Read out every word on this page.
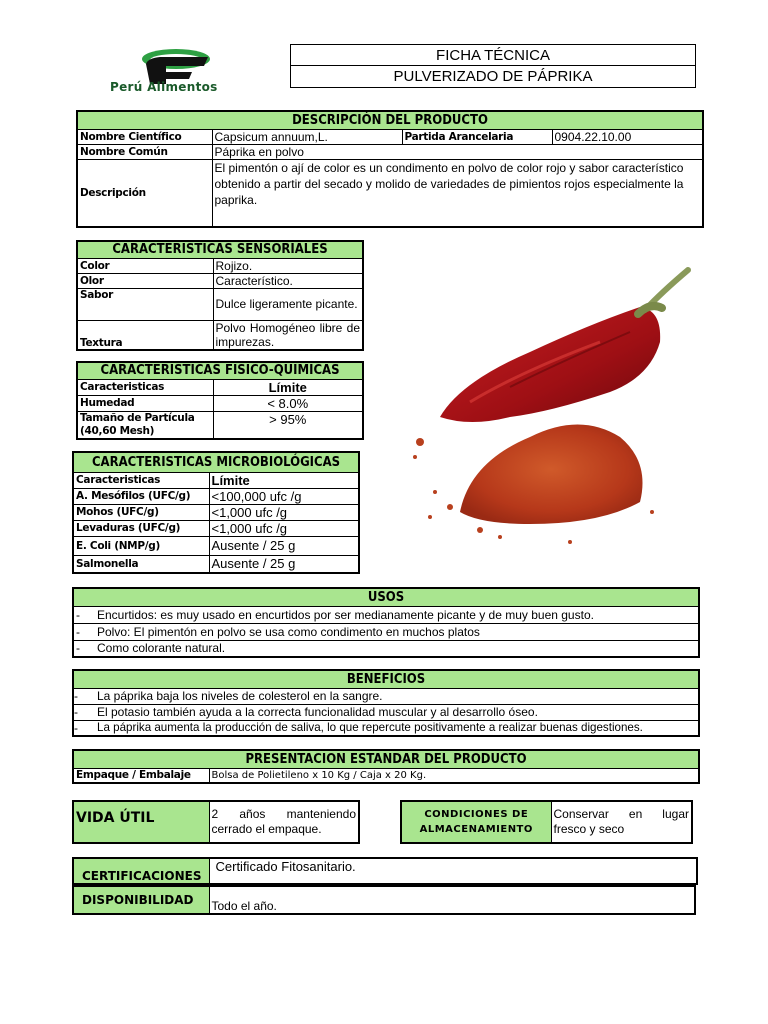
Perú Alimentos
FICHA TÉCNICA
PULVERIZADO DE PÁPRIKA
DESCRIPCIÓN DEL PRODUCTO			
Nombre Científico	Capsicum annuum,L.	Partida Arancelaria	0904.22.10.00
Nombre Común	Páprika en polvo		
Descripción	El pimentón o ají de color es un condimento en polvo de color rojo y sabor característico obtenido a partir del secado y molido de variedades de pimientos rojos especialmente la paprika.		
CARACTERISTICAS SENSORIALES	
Color	Rojizo.
Olor	Característico.
Sabor	Dulce ligeramente picante.
Textura	Polvo Homogéneo libre de impurezas.
CARACTERISTICAS FISICO-QUIMICAS	
Caracteristicas	Límite
Humedad	< 8.0%
Tamaño de Partícula (40,60 Mesh)	> 95%
CARACTERISTICAS MICROBIOLÓGICAS	
Caracteristicas	Límite
A. Mesófilos (UFC/g)	<100,000 ufc /g
Mohos (UFC/g)	<1,000 ufc /g
Levaduras (UFC/g)	<1,000 ufc /g
E. Coli (NMP/g)	Ausente / 25 g
Salmonella	Ausente / 25 g
USOS	
-	Encurtidos: es muy usado en encurtidos por ser medianamente picante y de muy buen gusto.
-	Polvo: El pimentón en polvo se usa como condimento en muchos platos
-	Como colorante natural.
BENEFICIOS	
-	La páprika baja los niveles de colesterol en la sangre.
-	El potasio también ayuda a la correcta funcionalidad muscular y al desarrollo óseo.
-	La páprika aumenta la producción de saliva, lo que repercute positivamente a realizar buenas digestiones.
PRESENTACION ESTANDAR DEL PRODUCTO
Empaque / Embalaje	Bolsa de Polietileno x 10 Kg / Caja x 20 Kg.
VIDA ÚTIL	2 años manteniendo cerrado el empaque.
CONDICIONES DE ALMACENAMIENTO	Conservar en lugar fresco y seco
CERTIFICACIONES	Certificado Fitosanitario.
DISPONIBILIDAD	Todo el año.
